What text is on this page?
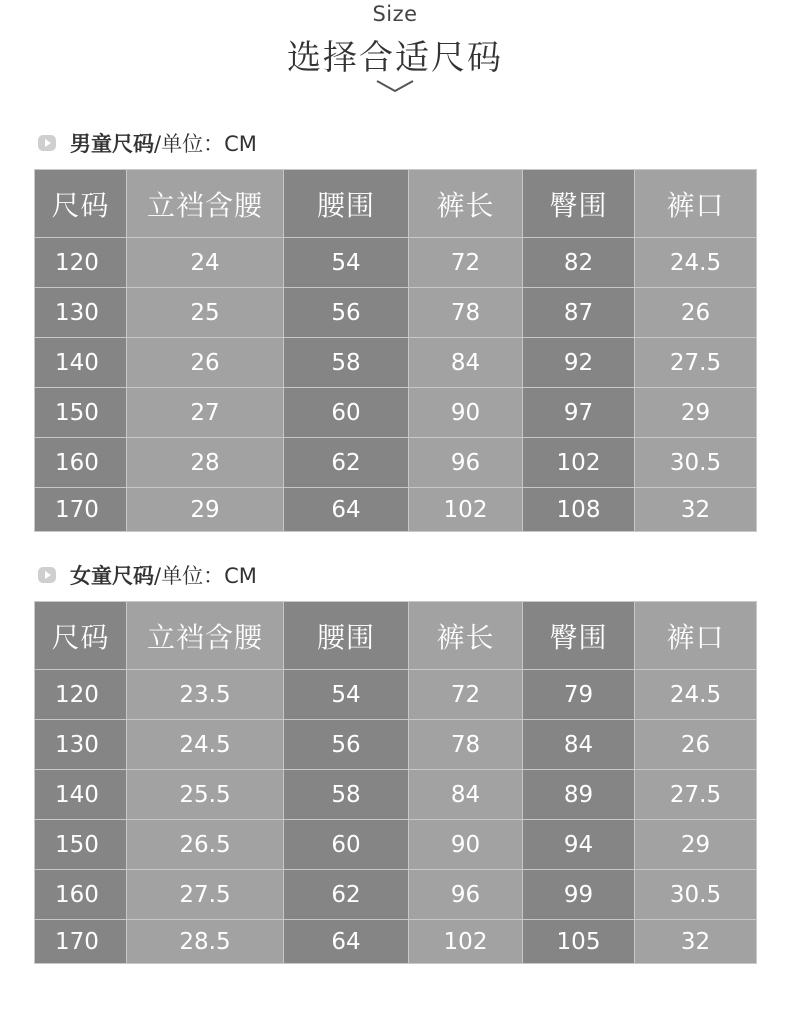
Size
选择合适尺码
男童尺码/单位：CM
尺码	立裆含腰	腰围	裤长	臀围	裤口
120	24	54	72	82	24.5
130	25	56	78	87	26
140	26	58	84	92	27.5
150	27	60	90	97	29
160	28	62	96	102	30.5
170	29	64	102	108	32
女童尺码/单位：CM
尺码	立裆含腰	腰围	裤长	臀围	裤口
120	23.5	54	72	79	24.5
130	24.5	56	78	84	26
140	25.5	58	84	89	27.5
150	26.5	60	90	94	29
160	27.5	62	96	99	30.5
170	28.5	64	102	105	32
